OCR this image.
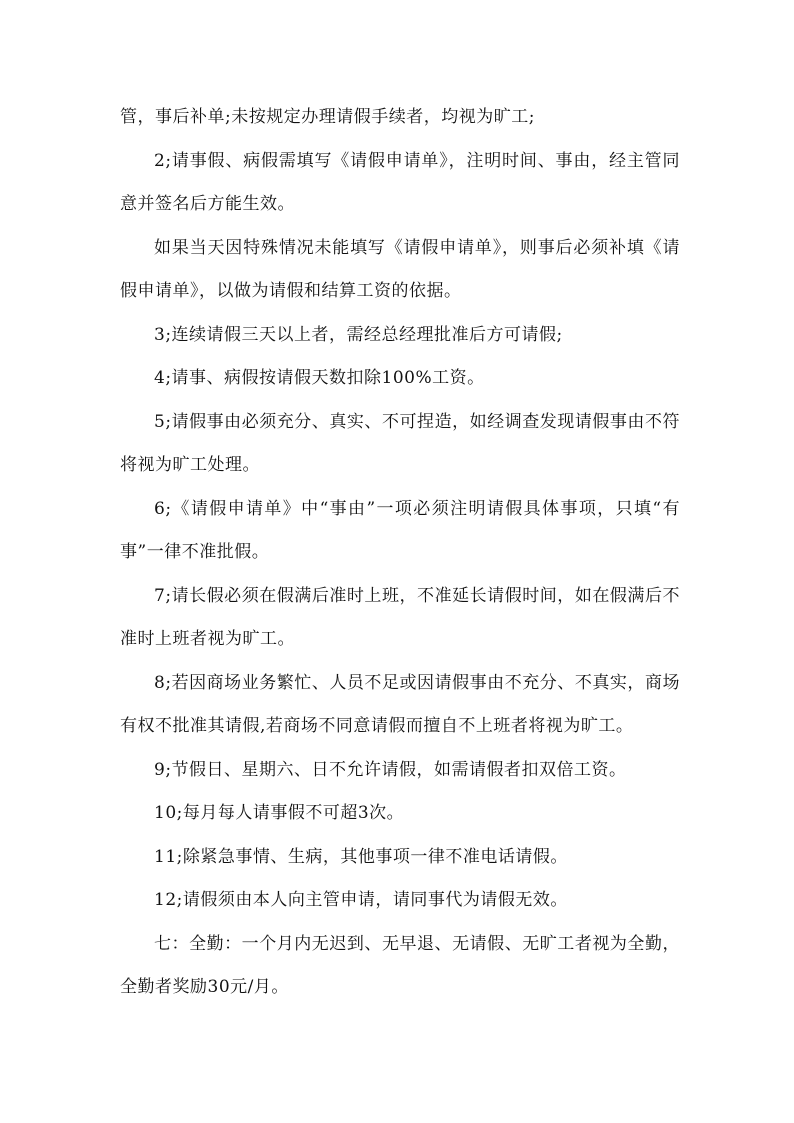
管，事后补单;未按规定办理请假手续者，均视为旷工;

2;请事假、病假需填写《请假申请单》，注明时间、事由，经主管同意并签名后方能生效。

如果当天因特殊情况未能填写《请假申请单》，则事后必须补填《请假申请单》，以做为请假和结算工资的依据。

3;连续请假三天以上者，需经总经理批准后方可请假;

4;请事、病假按请假天数扣除100%工资。

5;请假事由必须充分、真实、不可捏造，如经调查发现请假事由不符将视为旷工处理。

6;《请假申请单》中“事由”一项必须注明请假具体事项，只填“有事”一律不准批假。

7;请长假必须在假满后准时上班，不准延长请假时间，如在假满后不准时上班者视为旷工。

8;若因商场业务繁忙、人员不足或因请假事由不充分、不真实，商场有权不批准其请假,若商场不同意请假而擅自不上班者将视为旷工。

9;节假日、星期六、日不允许请假，如需请假者扣双倍工资。

10;每月每人请事假不可超3次。

11;除紧急事情、生病，其他事项一律不准电话请假。

12;请假须由本人向主管申请，请同事代为请假无效。

七：全勤：一个月内无迟到、无早退、无请假、无旷工者视为全勤，全勤者奖励30元/月。
